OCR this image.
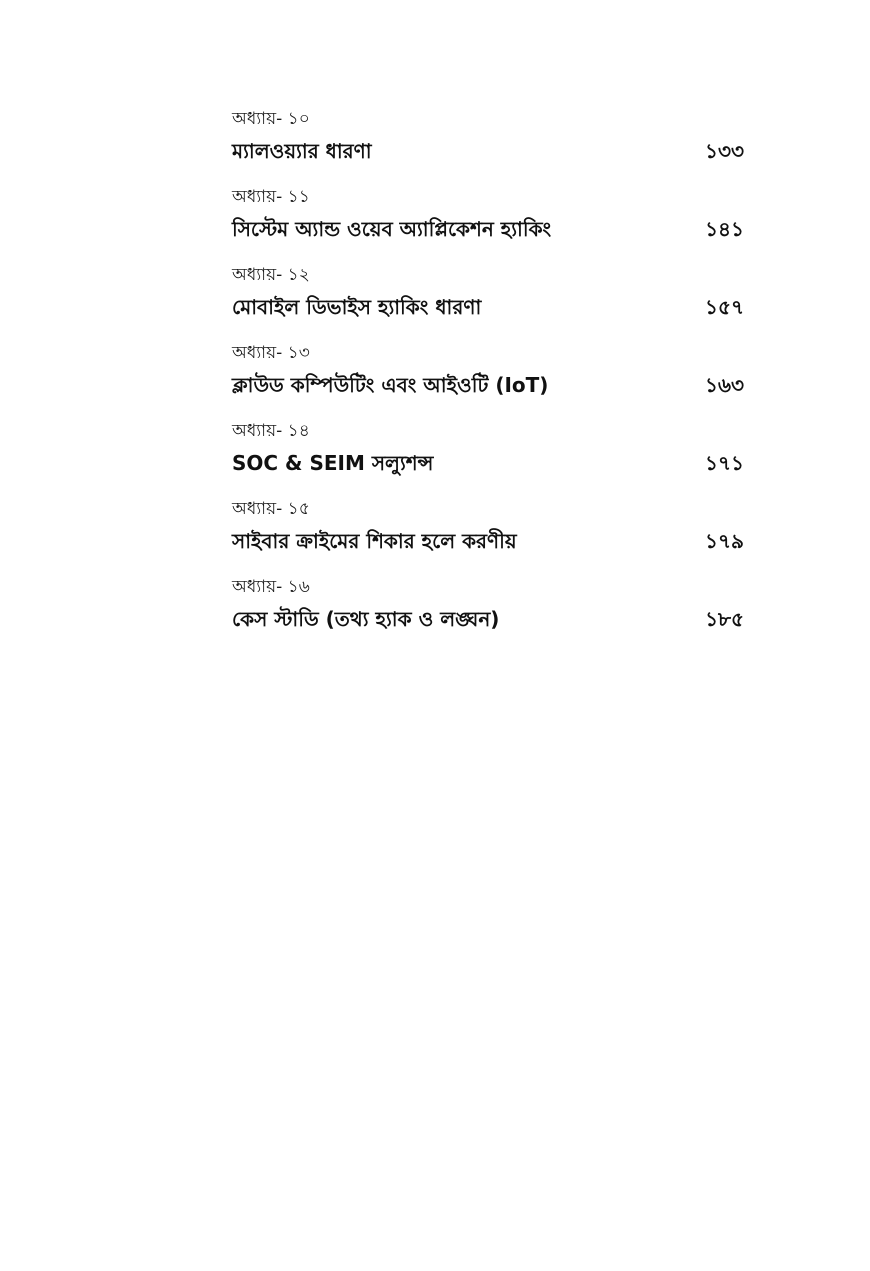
অধ্যায়- ১০
ম্যালওয়্যার ধারণা	১৩৩
অধ্যায়- ১১
সিস্টেম অ্যান্ড ওয়েব অ্যাপ্লিকেশন হ্যাকিং	১৪১
অধ্যায়- ১২
মোবাইল ডিভাইস হ্যাকিং ধারণা	১৫৭
অধ্যায়- ১৩
ক্লাউড কম্পিউটিং এবং আইওটি (IoT)	১৬৩
অধ্যায়- ১৪
SOC & SEIM সল্যুশন্স	১৭১
অধ্যায়- ১৫
সাইবার ক্রাইমের শিকার হলে করণীয়	১৭৯
অধ্যায়- ১৬
কেস স্টাডি (তথ্য হ্যাক ও লঙ্ঘন)	১৮৫
